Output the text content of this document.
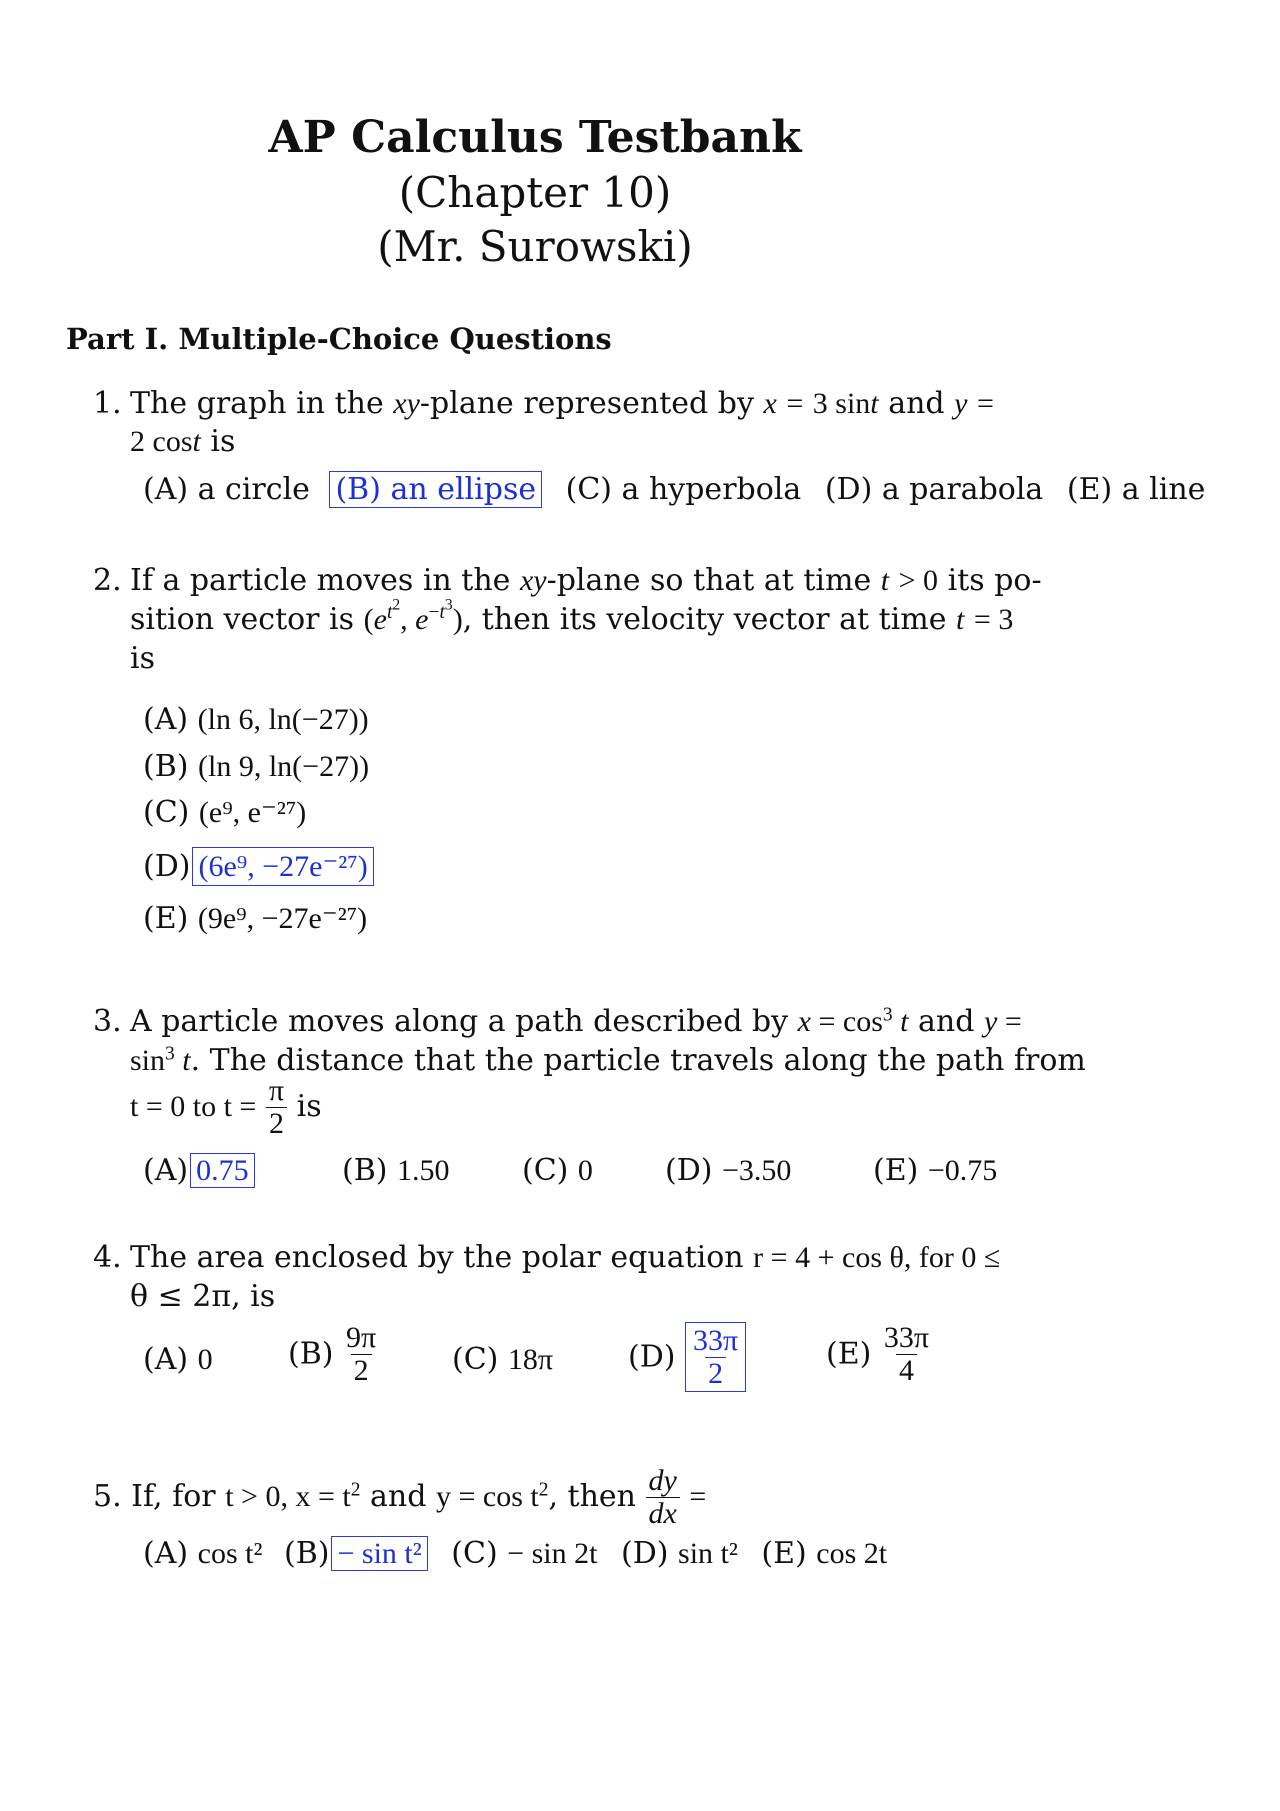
AP Calculus Testbank
(Chapter 10)
(Mr. Surowski)
Part I. Multiple-Choice Questions
1. The graph in the xy-plane represented by x = 3 sint and y =
2 cost is
(A) a circle (B) an ellipse (C) a hyperbola (D) a parabola (E) a line
2. If a particle moves in the xy-plane so that at time t > 0 its po-
sition vector is ($e^{t^2}$, $e^{-t^3}$), then its velocity vector at time t = 3
is
(A) (ln 6, ln(−27))
(B) (ln 9, ln(−27))
(C) (e⁹, e⁻²⁷)
(D) (6e⁹, −27e⁻²⁷)
(E) (9e⁹, −27e⁻²⁷)
3. A particle moves along a path described by $x = \cos^3 t$ and y =
$\sin^3 t$. The distance that the particle travels along the path from
t = 0 to $t = \frac{\pi}{2}$ is
(A) 0.75	(B) 1.50 (C) 0 (D) −3.50	(E) −0.75
4. The area enclosed by the polar equation r = 4 + cos θ, for 0 ≤
θ ≤ 2π, is
(A) 0	$(B) \frac{9\pi}{2} (C)$ 18π $(D) \frac{33\pi}{2}$	$(E) \frac{33\pi}{4}$
5. If, for t > 0, $x = t^2$ and $y = \cos t^2$, then $\frac{dy}{dx}$ =
(A) cos t² (B) − sin t² (C) − sin 2t (D) sin t² (E) cos 2t
